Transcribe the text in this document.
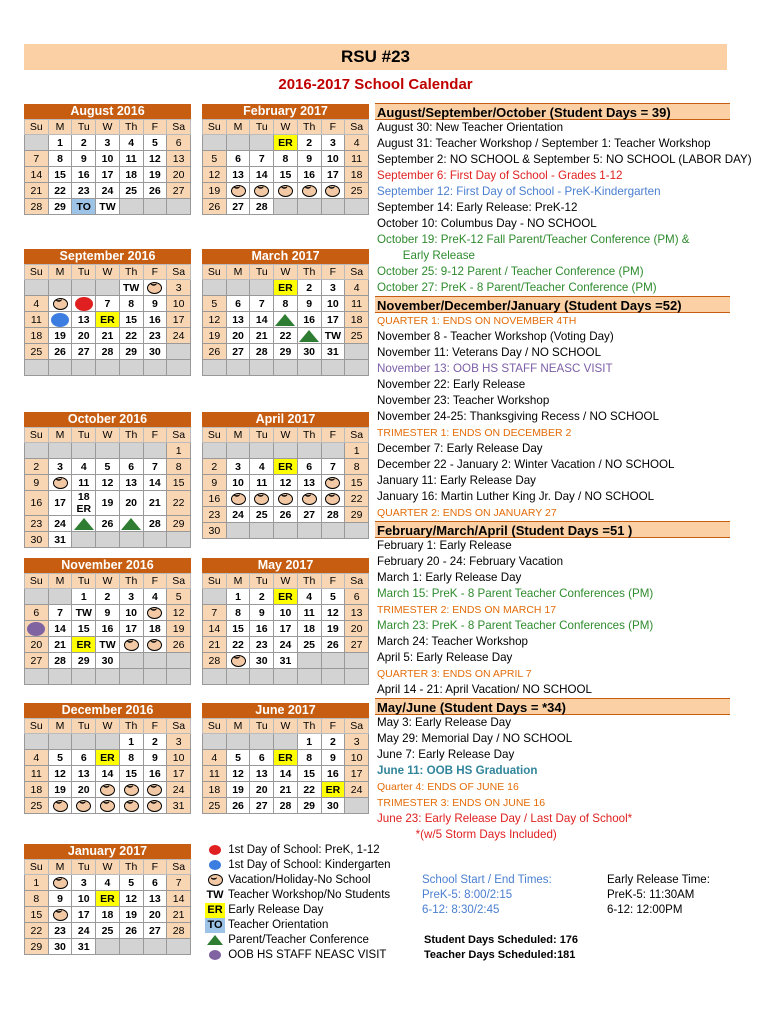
RSU #23
2016-2017 School Calendar
August 2016
Su	M	Tu	W	Th	F	Sa
	1	2	3	4	5	6
7	8	9	10	11	12	13
14	15	16	17	18	19	20
21	22	23	24	25	26	27
28	29	TO	TW			
February 2017
Su	M	Tu	W	Th	F	Sa
			ER	2	3	4
5	6	7	8	9	10	11
12	13	14	15	16	17	18
19	⌣	⌣	⌣	⌣	⌣	25
26	27	28				
September 2016
Su	M	Tu	W	Th	F	Sa
				TW	⌣	3
4	⌣		7	8	9	10
11		13	ER	15	16	17
18	19	20	21	22	23	24
25	26	27	28	29	30	

March 2017
Su	M	Tu	W	Th	F	Sa
			ER	2	3	4
5	6	7	8	9	10	11
12	13	14		16	17	18
19	20	21	22		TW	25
26	27	28	29	30	31	

October 2016
Su	M	Tu	W	Th	F	Sa
						1
2	3	4	5	6	7	8
9	⌣	11	12	13	14	15
16	17	18 ER	19	20	21	22
23	24		26		28	29
30	31					
April 2017
Su	M	Tu	W	Th	F	Sa
						1
2	3	4	ER	6	7	8
9	10	11	12	13	⌣	15
16	⌣	⌣	⌣	⌣	⌣	22
23	24	25	26	27	28	29
30						
November 2016
Su	M	Tu	W	Th	F	Sa
		1	2	3	4	5
6	7	TW	9	10	⌣	12
	14	15	16	17	18	19
20	21	ER	TW	⌣	⌣	26
27	28	29	30			

May 2017
Su	M	Tu	W	Th	F	Sa
	1	2	ER	4	5	6
7	8	9	10	11	12	13
14	15	16	17	18	19	20
21	22	23	24	25	26	27
28	⌣	30	31			

December 2016
Su	M	Tu	W	Th	F	Sa
				1	2	3
4	5	6	ER	8	9	10
11	12	13	14	15	16	17
18	19	20	⌣	⌣	⌣	24
25	⌣	⌣	⌣	⌣	⌣	31
June 2017
Su	M	Tu	W	Th	F	Sa
				1	2	3
4	5	6	ER	8	9	10
11	12	13	14	15	16	17
18	19	20	21	22	ER	24
25	26	27	28	29	30	
January 2017
Su	M	Tu	W	Th	F	Sa
1	⌣	3	4	5	6	7
8	9	10	ER	12	13	14
15	⌣	17	18	19	20	21
22	23	24	25	26	27	28
29	30	31				
August/September/October (Student Days = 39)
August 30: New Teacher Orientation
August 31: Teacher Workshop / September 1: Teacher Workshop
September 2: NO SCHOOL & September 5: NO SCHOOL (LABOR DAY)
September 6: First Day of School - Grades 1-12
September 12: First Day of School - PreK-Kindergarten
September 14: Early Release: PreK-12
October 10: Columbus Day - NO SCHOOL
October 19: PreK-12 Fall Parent/Teacher Conference (PM) &
Early Release
October 25: 9-12 Parent / Teacher Conference (PM)
October 27: PreK - 8 Parent/Teacher Conference (PM)
November/December/January (Student Days =52)
QUARTER 1: ENDS ON NOVEMBER 4TH
November 8 - Teacher Workshop (Voting Day)
November 11: Veterans Day / NO SCHOOL
November 13: OOB HS STAFF NEASC VISIT
November 22: Early Release
November 23: Teacher Workshop
November 24-25: Thanksgiving Recess / NO SCHOOL
TRIMESTER 1: ENDS ON DECEMBER 2
December 7: Early Release Day
December 22 - January 2: Winter Vacation / NO SCHOOL
January 11: Early Release Day
January 16: Martin Luther King Jr. Day / NO SCHOOL
QUARTER 2: ENDS ON JANUARY 27
February/March/April (Student Days =51 )
February 1: Early Release
February 20 - 24: February Vacation
March 1: Early Release Day
March 15: PreK - 8 Parent Teacher Conferences (PM)
TRIMESTER 2: ENDS ON MARCH 17
March 23: PreK - 8 Parent Teacher Conferences (PM)
March 24: Teacher Workshop
April 5: Early Release Day
QUARTER 3: ENDS ON APRIL 7
April 14 - 21: April Vacation/ NO SCHOOL
May/June (Student Days = *34)
May 3: Early Release Day
May 29: Memorial Day / NO SCHOOL
June 7: Early Release Day
June 11: OOB HS Graduation
Quarter 4: ENDS OF JUNE 16
TRIMESTER 3: ENDS ON JUNE 16
June 23: Early Release Day / Last Day of School*
*(w/5 Storm Days Included)
1st Day of School: PreK, 1-12
1st Day of School: Kindergarten
⌣ Vacation/Holiday-No School
TW Teacher Workshop/No Students
ER Early Release Day
TO Teacher Orientation
Parent/Teacher Conference
OOB HS STAFF NEASC VISIT
School Start / End Times:
PreK-5: 8:00/2:15
6-12: 8:30/2:45
Early Release Time:
PreK-5: 11:30AM
6-12: 12:00PM
Student Days Scheduled: 176
Teacher Days Scheduled:181
